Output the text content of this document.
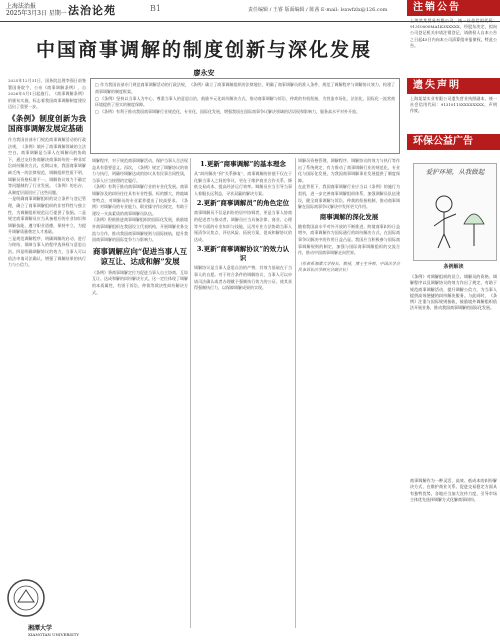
上海法治报
2025年3月3日 星期一 法治论苑	B1	责任编辑 / 王睿 版面编辑 / 陈茜 E-mail: lsxwfzlx@126.com
中国商事调解的制度创新与深化发展
廖永安
2025年12月31日，国务院总理李强日前签署国务院令，公布《商事调解条例》，自2026年5月1日起施行。《商事调解条例》的颁布实施，标志着我国商事调解制度建设迈出了重要一步。
《条例》制度创新为我国商事调解发展定基础
作为我国首部专门规范商事调解活动的行政法规，《条例》填补了商事调解领域的立法空白。商事调解是当事人在调解员的协助下，通过友好协商解决商事纠纷的一种非诉讼纠纷解决方式。长期以来，我国商事调解缺乏统一的法律规范，调解组织性质不明、调解员资格标准不一、调解协议效力不确定等问题制约了行业发展。《条例》的出台，从制度层面回应了这些问题。
一是明确商事调解组织的设立条件与登记管理，确立了商事调解组织的非营利性与独立性，为调解组织规范运行提供了依据。二是规定商事调解员应当具备相应的专业知识和调解技能，遵守职业道德，保持中立，为提升调解质量奠定人才基础。
三是规范调解程序，明确调解的启动、进行与终结，保障当事人的程序选择权与意思自治。四是明确调解协议的效力，当事人可以依法申请司法确认，增强了调解结果的执行力与公信力。
□ 作为我国首部专门规范商事调解活动的行政法规，《条例》确立了商事调解组织的法律地位，明确了商事调解员的准入条件，规范了调解程序与调解协议效力，构建了商事调解的制度框架。
□ 《条例》坚持以当事人为中心，尊重当事人的意思自治，鼓励多元化纠纷解决方式，推动商事调解与诉讼、仲裁的有机衔接，为营造市场化、法治化、国际化一流营商环境提供了坚实的制度保障。
□ 《条例》有利于推动我国商事调解行业规范化、专业化、国际化发展，增强我国在国际商事争议解决领域的话语权和影响力，服务高水平对外开放。
调解程序，对于规范商事调解活动、保护当事人合法权益具有重要意义。再次，《条例》规定了调解协议的效力与执行，明确经调解达成的协议具有民事合同性质，当事人应当按照约定履行。
《条例》有利于推动商事调解行业的专业化发展。商事调解涉及的纠纷往往具有专业性强、标的额大、跨地域等特点，对调解员的专业素养提出了较高要求。《条例》对调解员的专业能力、职业操守作出规定，有助于建设一支高素质的商事调解员队伍。
《条例》积极推进商事调解组织的国际化发展，鼓励境外商事调解组织在我国设立代表机构，开展调解业务交流与合作，推动我国商事调解规则与国际接轨，提升我国商事调解的国际竞争力与影响力。
商事调解应向“促进当事人互谅互让、达成和解”发展
《条例》将商事调解定位为促进当事人自主协商、互谅互让、达成和解的纠纷解决方式。这一定位体现了调解的本质属性，有别于诉讼、仲裁等裁决性纠纷解决方式。
1.更新“商事调解”的基本理念
从“纠纷解决”到“关系修复”，商事调解的价值不仅在于化解当事人之间的争议，更在于维护商业合作关系、降低交易成本、提高经济运行效率。调解员应当引导当事人着眼长远利益，寻求双赢的解决方案。
2.更新“商事调解员”的角色定位
商事调解员不仅是纠纷的居中协调者，更是当事人协商的促进者与推动者。调解员应当具备法律、商业、心理等多方面的专业知识与技能，运用专业方法协助当事人厘清争议焦点、评估风险、拓展方案，促成和解协议的达成。
3.更新“商事调解协议”的效力认识
调解协议是当事人意思自治的产物，其效力基础在于当事人的自愿。对于符合条件的调解协议，当事人可以申请司法确认或者办理赋予强制执行效力的公证，使其获得强制执行力，以保障调解成果的实现。
调解员资格管理、调解程序、调解协议的效力与执行等作出了系统规定，有力推动了商事调解行业的规范化、专业化与国际化发展，为我国商事调解事业发展提供了制度保障。
在此背景下，我国商事调解行业应当以《条例》的施行为契机，进一步完善商事调解组织体系，加强调解员队伍建设，健全商事调解与诉讼、仲裁的衔接机制，推动商事调解在国际商事争议解决中发挥更大作用。
商事调解的深化发展
随着我国高水平对外开放的不断推进，跨境商事纠纷日益增多，商事调解作为国际通行的纠纷解决方式，在国际商事争议解决中的作用日益凸显。我国应当积极参与国际商事调解规则的制定，加强与国际商事调解组织的交流合作，推动中国商事调解走向世界。
（作者系湘潭大学校长、教授，博士生导师，中国法学会民事诉讼法学研究会副会长）
湘潭大学
XIANGTAN UNIVERSITY
注销公告
上海某某贸易有限公司，统一社会信用代码：91310000MA1K3XXXXX，经股东决定，拟向公司登记机关申请注销登记，请债权人自本公告之日起45日内向本公司清算组申报债权。特此公告。
遗失声明
上海某某实业有限公司遗失营业执照副本，统一社会信用代码：91310115XXXXXXXX，声明作废。
环保公益广告
条例解读
《条例》对调解组织的设立、调解员的资格、调解程序以及调解协议的效力作出了规定，有助于规范商事调解活动，提升调解公信力，为当事人提供高效便捷的纠纷解决服务。与此同时，《条例》注重与国际规则接轨，鼓励境外调解组织依法开展业务，推动我国商事调解的国际化发展。
商事调解作为一种灵活、高效、低成本的纠纷解决方式，在维护商业关系、促进交易稳定方面具有独特优势。各地应当加大宣传力度，引导市场主体优先选择调解方式化解商事纠纷。
爱护环境，从我做起
